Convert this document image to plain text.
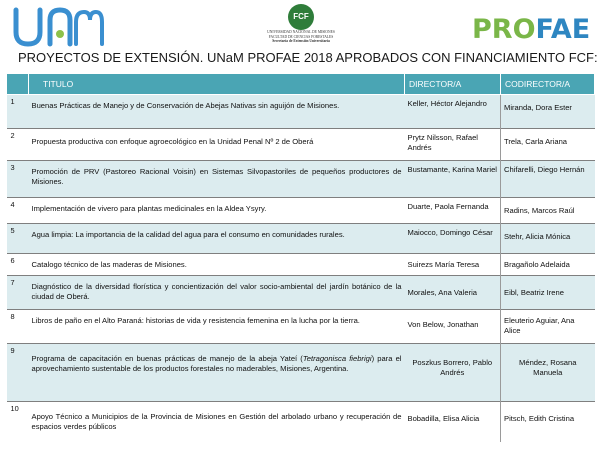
FCF
UNIVERSIDAD NACIONAL DE MISIONES
FACULTAD DE CIENCIAS FORESTALES
Secretaría de Extensión Universitaria	PROFAE
PROYECTOS DE EXTENSIÓN. UNaM PROFAE 2018 APROBADOS CON FINANCIAMIENTO FCF:
	TITULO	DIRECTOR/A	CODIRECTOR/A
1	Buenas Prácticas de Manejo y de Conservación de Abejas Nativas sin aguijón de Misiones.	Keller, Héctor Alejandro	Miranda, Dora Ester
2	Propuesta productiva con enfoque agroecológico en la Unidad Penal Nº 2 de Oberá	Prytz Nilsson, Rafael Andrés	Trela, Carla Ariana
3	Promoción de PRV (Pastoreo Racional Voisin) en Sistemas Silvopastoriles de pequeños productores de Misiones.	Bustamante, Karina Mariel	Chifarelli, Diego Hernán
4	Implementación de vivero para plantas medicinales en la Aldea Ysyry.	Duarte, Paola Fernanda	Radins, Marcos Raúl
5	Agua limpia: La importancia de la calidad del agua para el consumo en comunidades rurales.	Maiocco, Domingo César	Stehr, Alicia Mónica
6	Catalogo técnico de las maderas de Misiones.	Suirezs María Teresa	Bragañolo Adelaida
7	Diagnóstico de la diversidad florística y concientización del valor socio-ambiental del jardín botánico de la ciudad de Oberá.	Morales, Ana Valeria	Eibl, Beatriz Irene
8	Libros de paño en el Alto Paraná: historias de vida y resistencia femenina en la lucha por la tierra.	Von Below, Jonathan	Eleuterio Aguiar, Ana Alice
9	Programa de capacitación en buenas prácticas de manejo de la abeja Yateí (Tetragonisca fiebrigi) para el aprovechamiento sustentable de los productos forestales no maderables, Misiones, Argentina.	Poszkus Borrero, Pablo Andrés	Méndez, Rosana Manuela
10	Apoyo Técnico a Municipios de la Provincia de Misiones en Gestión del arbolado urbano y recuperación de espacios verdes públicos	Bobadilla, Elisa Alicia	Pitsch, Edith Cristina
